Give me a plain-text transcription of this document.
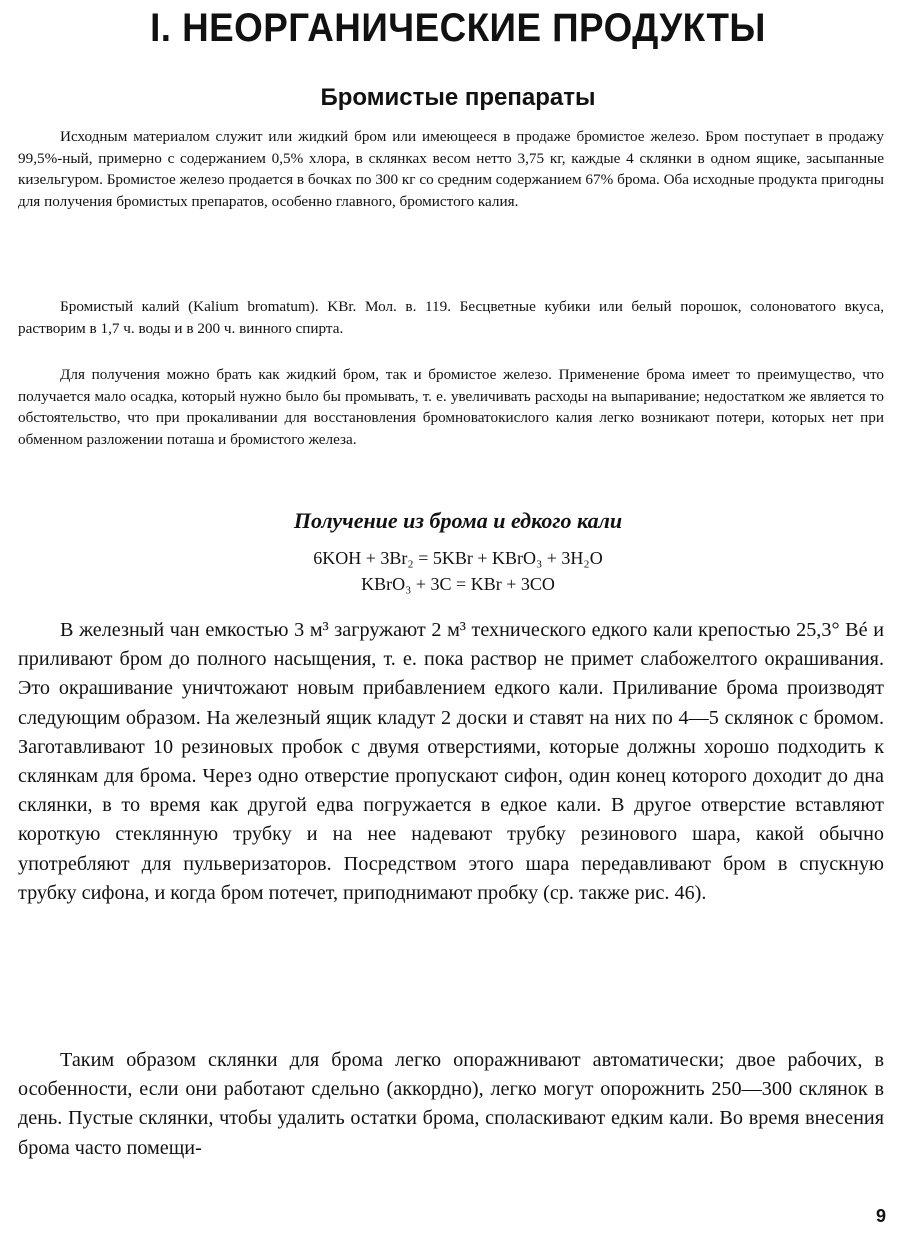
I. НЕОРГАНИЧЕСКИЕ ПРОДУКТЫ
Бромистые препараты

Исходным материалом служит или жидкий бром или имеющееся в продаже бромистое железо. Бром поступает в продажу 99,5%-ный, примерно с содержанием 0,5% хлора, в склянках весом нетто 3,75 кг, каждые 4 склянки в одном ящике, засыпанные кизельгуром. Бромистое железо продается в бочках по 300 кг со средним содержанием 67% брома. Оба исходные продукта пригодны для получения бромистых препаратов, особенно главного, бромистого калия.

Бромистый калий (Kalium bromatum). KBr. Мол. в. 119. Бесцветные кубики или белый порошок, солоноватого вкуса, растворим в 1,7 ч. воды и в 200 ч. винного спирта.

Для получения можно брать как жидкий бром, так и бромистое железо. Применение брома имеет то преимущество, что получается мало осадка, который нужно было бы промывать, т. е. увеличивать расходы на выпаривание; недостатком же является то обстоятельство, что при прокаливании для восстановления бромноватокислого калия легко возникают потери, которых нет при обменном разложении поташа и бромистого железа.

Получение из брома и едкого кали
6KOH + 3Br₂ = 5KBr + KBrO₃ + 3H₂O
KBrO₃ + 3C = KBr + 3CO

В железный чан емкостью 3 м³ загружают 2 м³ технического едкого кали крепостью 25,3° Bé и приливают бром до полного насыщения, т. е. пока раствор не примет слабожелтого окрашивания. Это окрашивание уничтожают новым прибавлением едкого кали. Приливание брома производят следующим образом. На железный ящик кладут 2 доски и ставят на них по 4—5 склянок с бромом. Заготавливают 10 резиновых пробок с двумя отверстиями, которые должны хорошо подходить к склянкам для брома. Через одно отверстие пропускают сифон, один конец которого доходит до дна склянки, в то время как другой едва погружается в едкое кали. В другое отверстие вставляют короткую стеклянную трубку и на нее надевают трубку резинового шара, какой обычно употребляют для пульверизаторов. Посредством этого шара передавливают бром в спускную трубку сифона, и когда бром потечет, приподнимают пробку (ср. также рис. 46).

Таким образом склянки для брома легко опоражнивают автоматически; двое рабочих, в особенности, если они работают сдельно (аккордно), легко могут опорожнить 250—300 склянок в день. Пустые склянки, чтобы удалить остатки брома, споласкивают едким кали. Во время внесения брома часто помещи-

9
